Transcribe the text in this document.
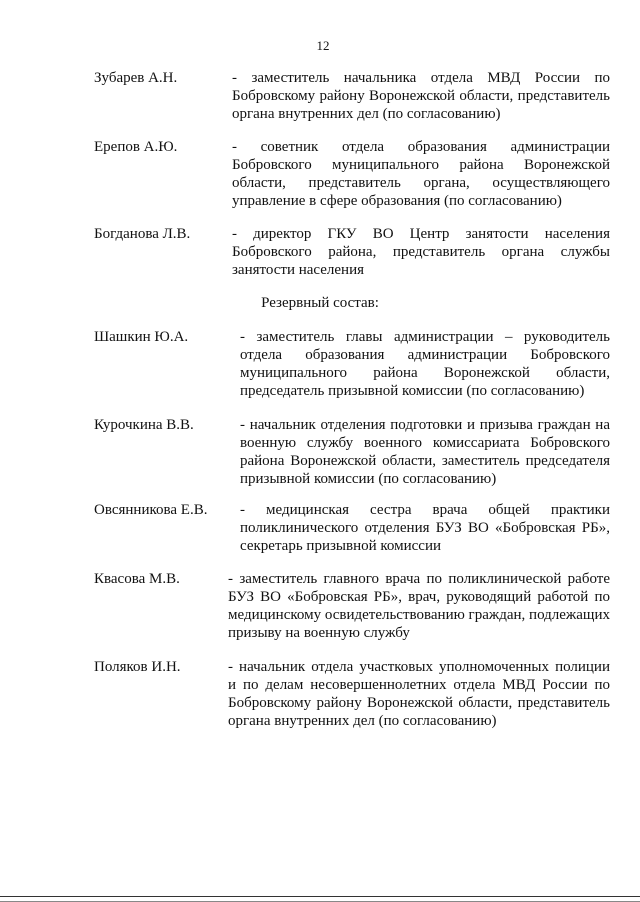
12
Зубарев А.Н.	- заместитель начальника отдела МВД России по Бобровскому району Воронежской области, представитель органа внутренних дел (по согласованию)
Ерепов А.Ю.	- советник отдела образования администрации Бобровского муниципального района Воронежской области, представитель органа, осуществляющего управление в сфере образования (по согласованию)
Богданова Л.В.	- директор ГКУ ВО Центр занятости населения Бобровского района, представитель органа службы занятости населения
Резервный состав:
Шашкин Ю.А.	- заместитель главы администрации – руководитель отдела образования администрации Бобровского муниципального района Воронежской области, председатель призывной комиссии (по согласованию)
Курочкина В.В.	- начальник отделения подготовки и призыва граждан на военную службу военного комиссариата Бобровского района Воронежской области, заместитель председателя призывной комиссии (по согласованию)
Овсянникова Е.В. - медицинская сестра врача общей практики поликлинического отделения БУЗ ВО «Бобровская РБ», секретарь призывной комиссии
Квасова М.В.	- заместитель главного врача по поликлинической работе БУЗ ВО «Бобровская РБ», врач, руководящий работой по медицинскому освидетельствованию граждан, подлежащих призыву на военную службу
Поляков И.Н.	- начальник отдела участковых уполномоченных полиции и по делам несовершеннолетних отдела МВД России по Бобровскому району Воронежской области, представитель органа внутренних дел (по согласованию)
